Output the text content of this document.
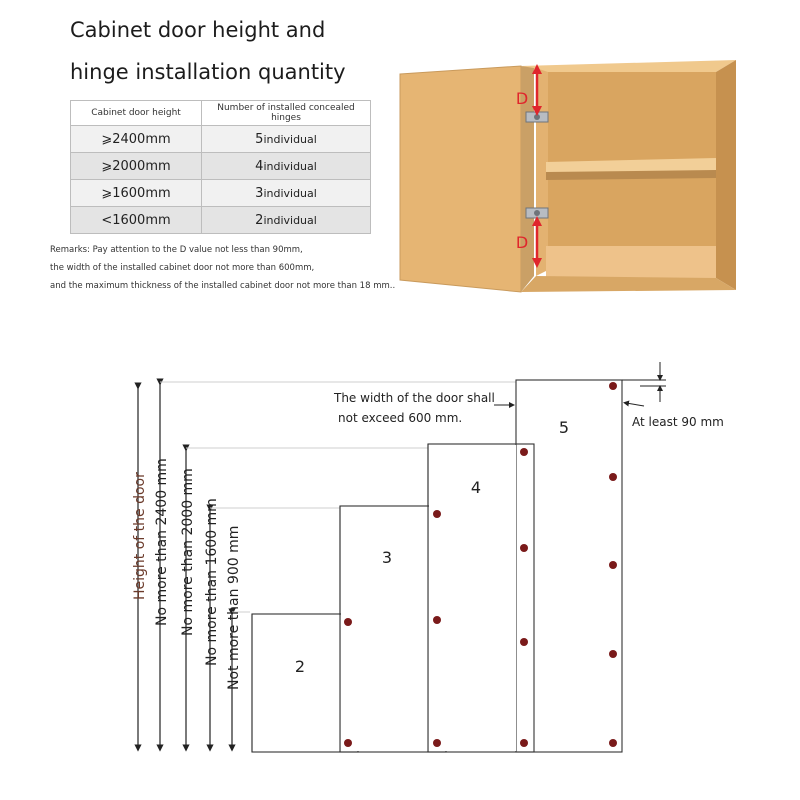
Cabinet door height and
hinge installation quantity
Cabinet door height	Number of installed concealed hinges
⩾2400mm	5individual
⩾2000mm	4individual
⩾1600mm	3individual
<1600mm	2individual
Remarks: Pay attention to the D value not less than 90mm,
the width of the installed cabinet door not more than 600mm,
and the maximum thickness of the installed cabinet door not more than 18 mm..
D
D
Height of the door No more than 2400 mm No more than 2000 mm No more than 1600 mm Not more than 900 mm	2
3
4
5
The width of the door shall
not exceed 600 mm.	At least 90 mm
